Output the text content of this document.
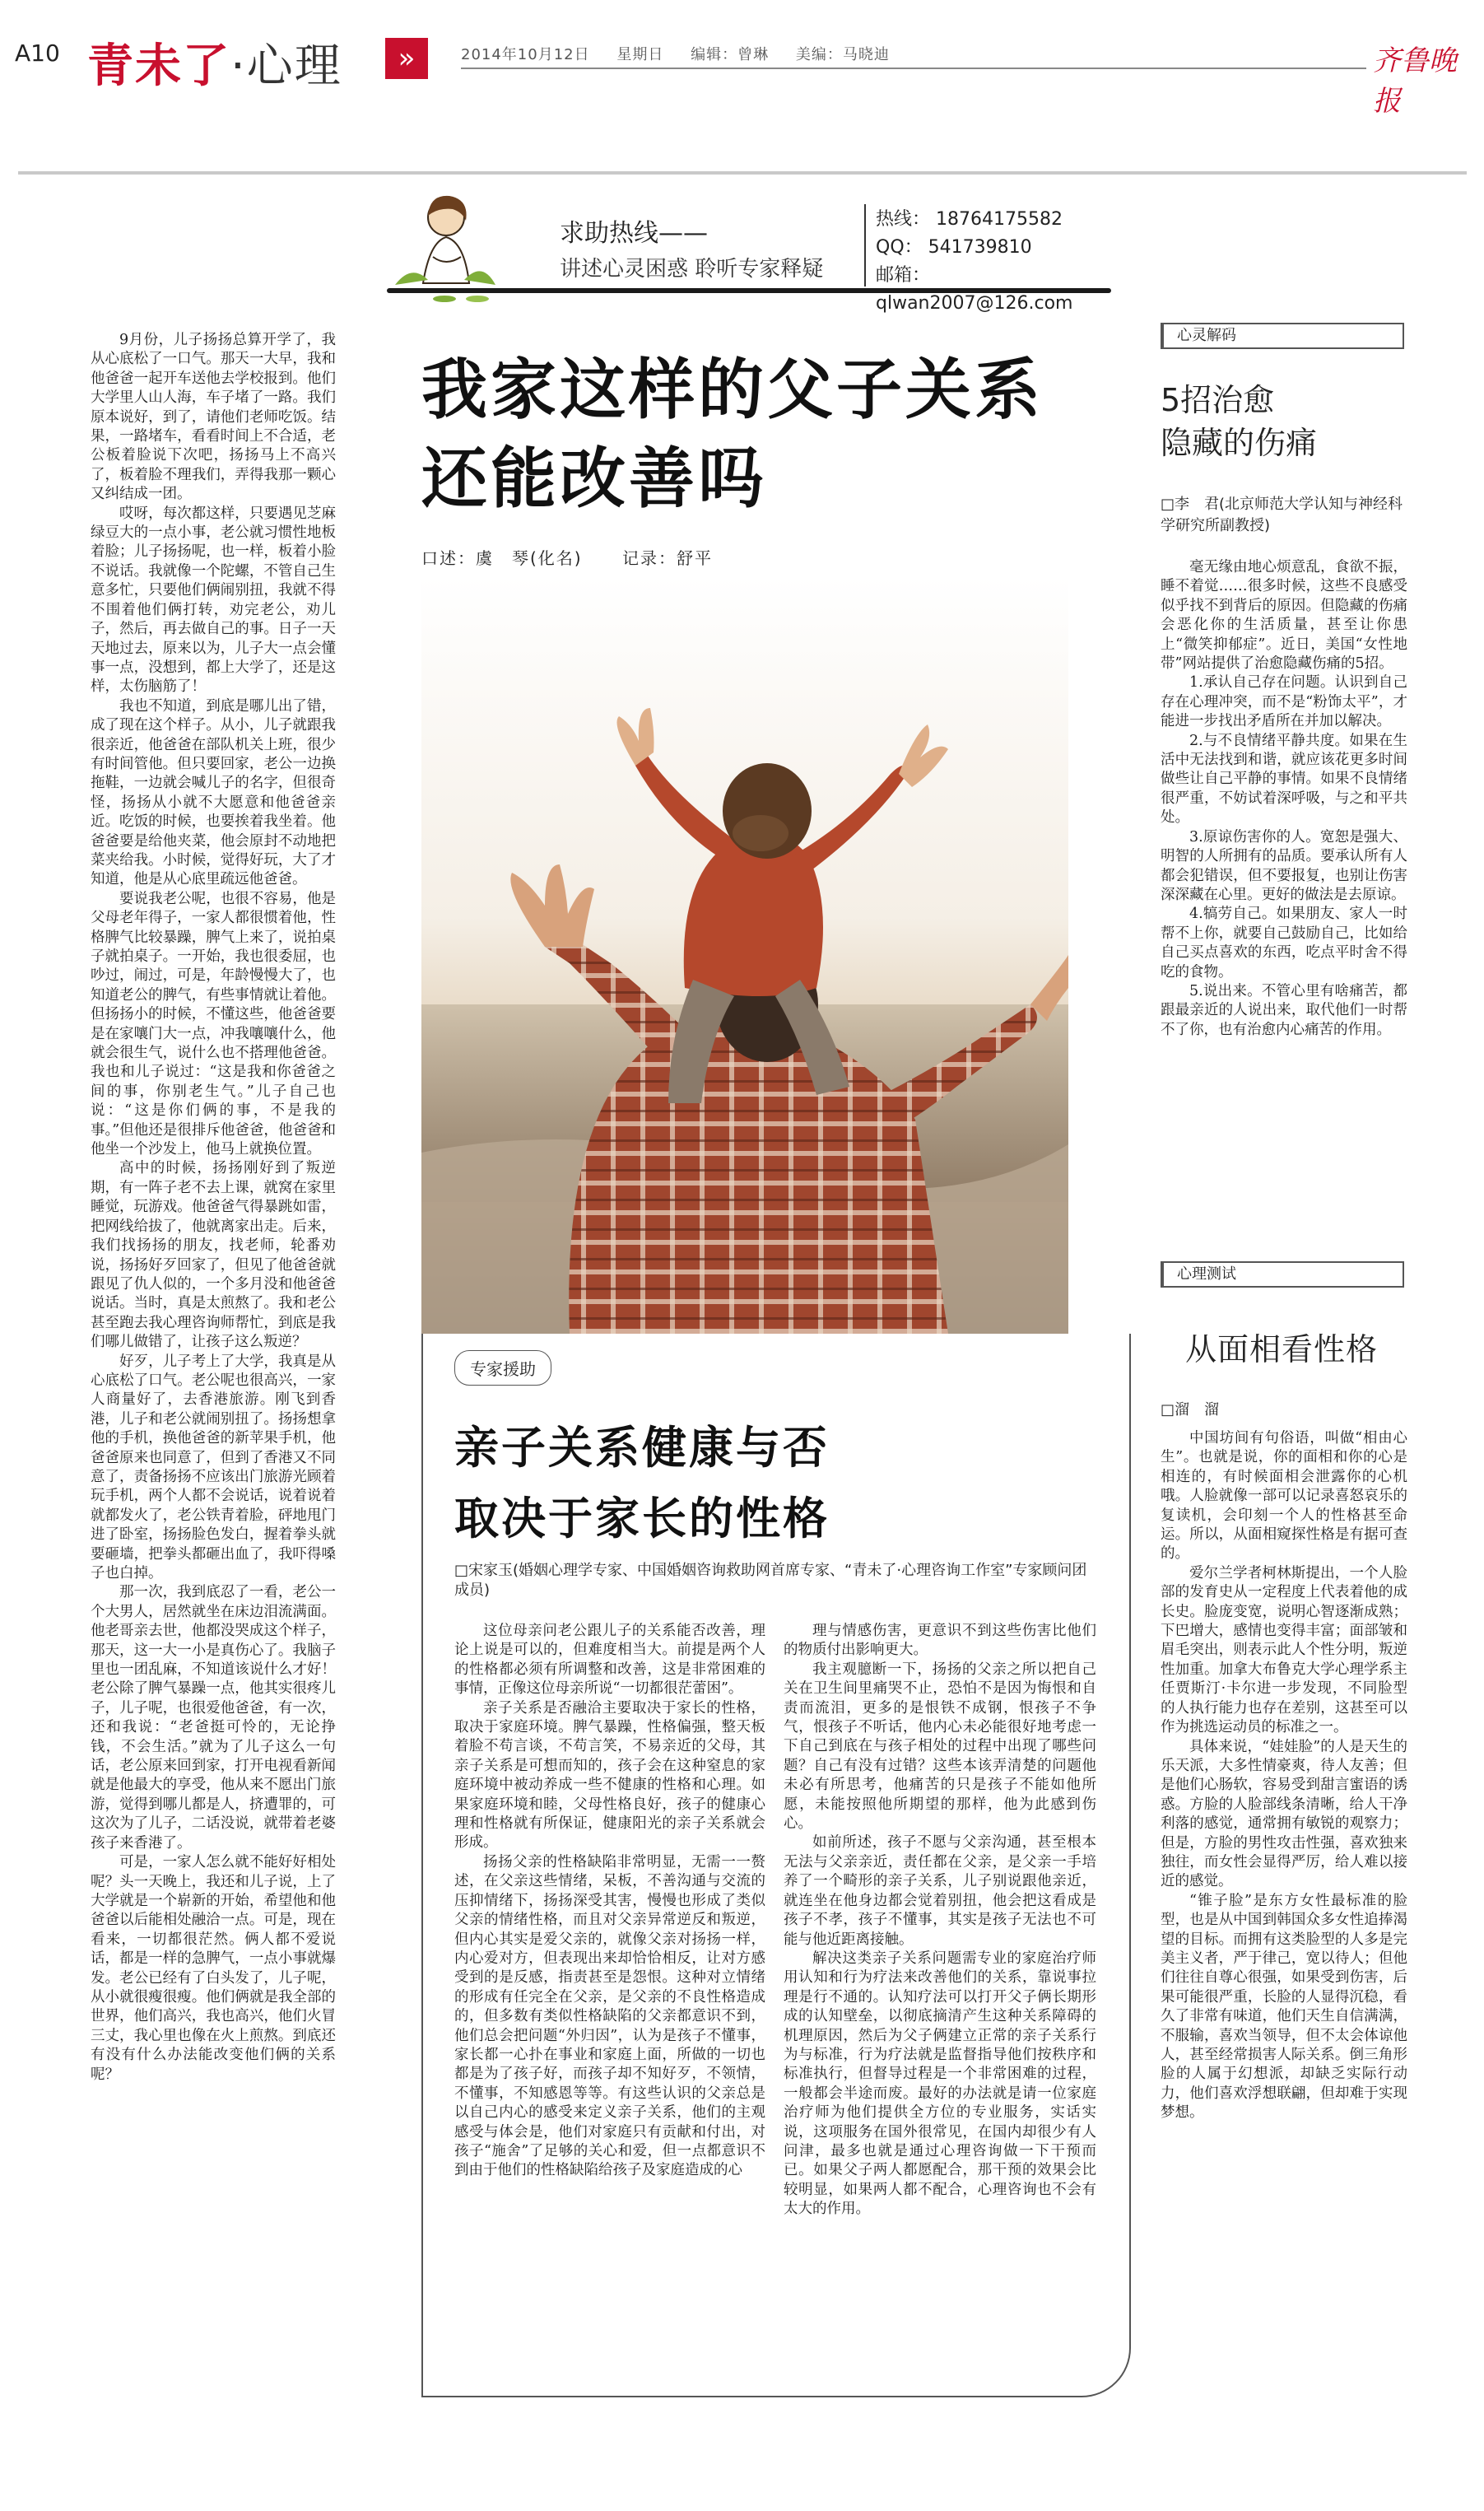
A10 青未了·心理	»	2014年10月12日 星期日 编辑：曾琳 美编：马晓迪	齐鲁晚报
求助热线——
讲述心灵困惑 聆听专家释疑
热线： 18764175582
QQ： 541739810
邮箱： qlwan2007@126.com

9月份，儿子扬扬总算开学了，我从心底松了一口气。那天一大早，我和他爸爸一起开车送他去学校报到。他们大学里人山人海，车子堵了一路。我们原本说好，到了，请他们老师吃饭。结果，一路堵车，看看时间上不合适，老公板着脸说下次吧，扬扬马上不高兴了，板着脸不理我们，弄得我那一颗心又纠结成一团。

哎呀，每次都这样，只要遇见芝麻绿豆大的一点小事，老公就习惯性地板着脸；儿子扬扬呢，也一样，板着小脸不说话。我就像一个陀螺，不管自己生意多忙，只要他们俩闹别扭，我就不得不围着他们俩打转，劝完老公，劝儿子，然后，再去做自己的事。日子一天天地过去，原来以为，儿子大一点会懂事一点，没想到，都上大学了，还是这样，太伤脑筋了！

我也不知道，到底是哪儿出了错，成了现在这个样子。从小，儿子就跟我很亲近，他爸爸在部队机关上班，很少有时间管他。但只要回家，老公一边换拖鞋，一边就会喊儿子的名字，但很奇怪，扬扬从小就不大愿意和他爸爸亲近。吃饭的时候，也要挨着我坐着。他爸爸要是给他夹菜，他会原封不动地把菜夹给我。小时候，觉得好玩，大了才知道，他是从心底里疏远他爸爸。

要说我老公呢，也很不容易，他是父母老年得子，一家人都很惯着他，性格脾气比较暴躁，脾气上来了，说拍桌子就拍桌子。一开始，我也很委屈，也吵过，闹过，可是，年龄慢慢大了，也知道老公的脾气，有些事情就让着他。但扬扬小的时候，不懂这些，他爸爸要是在家嚷门大一点，冲我嚷嚷什么，他就会很生气，说什么也不搭理他爸爸。我也和儿子说过：“这是我和你爸爸之间的事，你别老生气。”儿子自己也说：“这是你们俩的事，不是我的事。”但他还是很排斥他爸爸，他爸爸和他坐一个沙发上，他马上就换位置。

高中的时候，扬扬刚好到了叛逆期，有一阵子老不去上课，就窝在家里睡觉，玩游戏。他爸爸气得暴跳如雷，把网线给拔了，他就离家出走。后来，我们找扬扬的朋友，找老师，轮番劝说，扬扬好歹回家了，但见了他爸爸就跟见了仇人似的，一个多月没和他爸爸说话。当时，真是太煎熬了。我和老公甚至跑去我心理咨询师帮忙，到底是我们哪儿做错了，让孩子这么叛逆？

好歹，儿子考上了大学，我真是从心底松了口气。老公呢也很高兴，一家人商量好了，去香港旅游。刚飞到香港，儿子和老公就闹别扭了。扬扬想拿他的手机，换他爸爸的新苹果手机，他爸爸原来也同意了，但到了香港又不同意了，责备扬扬不应该出门旅游光顾着玩手机，两个人都不会说话，说着说着就都发火了，老公铁青着脸，砰地甩门进了卧室，扬扬脸色发白，握着拳头就要砸墙，把拳头都砸出血了，我吓得嗓子也白掉。

那一次，我到底忍了一看，老公一个大男人，居然就坐在床边泪流满面。他老哥亲去世，他都没哭成这个样子，那天，这一大一小是真伤心了。我脑子里也一团乱麻，不知道该说什么才好！老公除了脾气暴躁一点，他其实很疼儿子，儿子呢，也很爱他爸爸，有一次，还和我说：“老爸挺可怜的，无论挣钱，不会生活。”就为了儿子这么一句话，老公原来回到家，打开电视看新闻就是他最大的享受，他从来不愿出门旅游，觉得到哪儿都是人，挤遭罪的，可这次为了儿子，二话没说，就带着老婆孩子来香港了。

可是，一家人怎么就不能好好相处呢？头一天晚上，我还和儿子说，上了大学就是一个崭新的开始，希望他和他爸爸以后能相处融洽一点。可是，现在看来，一切都很茫然。俩人都不爱说话，都是一样的急脾气，一点小事就爆发。老公已经有了白头发了，儿子呢，从小就很瘦很瘦。他们俩就是我全部的世界，他们高兴，我也高兴，他们火冒三丈，我心里也像在火上煎熬。到底还有没有什么办法能改变他们俩的关系呢？

我家这样的父子关系
还能改善吗
口述：虞　琴(化名) 记录：舒平
专家援助
亲子关系健康与否
取决于家长的性格
□宋家玉(婚姻心理学专家、中国婚姻咨询救助网首席专家、“青未了·心理咨询工作室”专家顾问团成员)

这位母亲问老公跟儿子的关系能否改善，理论上说是可以的，但难度相当大。前提是两个人的性格都必须有所调整和改善，这是非常困难的事情，正像这位母亲所说“一切都很茫蕾困”。

亲子关系是否融洽主要取决于家长的性格，取决于家庭环境。脾气暴躁，性格偏强，整天板着脸不苟言谈，不苟言笑，不易亲近的父母，其亲子关系是可想而知的，孩子会在这种窒息的家庭环境中被动养成一些不健康的性格和心理。如果家庭环境和睦，父母性格良好，孩子的健康心理和性格就有所保证，健康阳光的亲子关系就会形成。

扬扬父亲的性格缺陷非常明显，无需一一赘述，在父亲这些情绪，呆板，不善沟通与交流的压抑情绪下，扬扬深受其害，慢慢也形成了类似父亲的情绪性格，而且对父亲异常逆反和叛逆，但内心其实是爱父亲的，就像父亲对扬扬一样，内心爱对方，但表现出来却恰恰相反，让对方感受到的是反感，指责甚至是怨恨。这种对立情绪的形成有任完全在父亲，是父亲的不良性格造成的，但多数有类似性格缺陷的父亲都意识不到，他们总会把问题“外归因”，认为是孩子不懂事，家长都一心扑在事业和家庭上面，所做的一切也都是为了孩子好，而孩子却不知好歹，不领情，不懂事，不知感恩等等。有这些认识的父亲总是以自己内心的感受来定义亲子关系，他们的主观感受与体会是，他们对家庭只有贡献和付出，对孩子“施舍”了足够的关心和爱，但一点都意识不到由于他们的性格缺陷给孩子及家庭造成的心

理与情感伤害，更意识不到这些伤害比他们的物质付出影响更大。

我主观臆断一下，扬扬的父亲之所以把自己关在卫生间里痛哭不止，恐怕不是因为悔恨和自责而流泪，更多的是恨铁不成钢，恨孩子不争气，恨孩子不听话，他内心未必能很好地考虑一下自己到底在与孩子相处的过程中出现了哪些问题？自己有没有过错？这些本该弄清楚的问题他未必有所思考，他痛苦的只是孩子不能如他所愿，未能按照他所期望的那样，他为此感到伤心。

如前所述，孩子不愿与父亲沟通，甚至根本无法与父亲亲近，责任都在父亲，是父亲一手培养了一个畸形的亲子关系，儿子别说跟他亲近，就连坐在他身边都会觉着别扭，他会把这看成是孩子不孝，孩子不懂事，其实是孩子无法也不可能与他近距离接触。

解决这类亲子关系问题需专业的家庭治疗师用认知和行为疗法来改善他们的关系，靠说事拉理是行不通的。认知疗法可以打开父子俩长期形成的认知壁垒，以彻底摘清产生这种关系障碍的机理原因，然后为父子俩建立正常的亲子关系行为与标准，行为疗法就是监督指导他们按秩序和标准执行，但督导过程是一个非常困难的过程，一般都会半途而废。最好的办法就是请一位家庭治疗师为他们提供全方位的专业服务，实话实说，这项服务在国外很常见，在国内却很少有人问津，最多也就是通过心理咨询做一下干预而已。如果父子两人都愿配合，那干预的效果会比较明显，如果两人都不配合，心理咨询也不会有太大的作用。

心灵解码
5招治愈
隐藏的伤痛
□李　君(北京师范大学认知与神经科学研究所副教授)

毫无缘由地心烦意乱，食欲不振，睡不着觉……很多时候，这些不良感受似乎找不到背后的原因。但隐藏的伤痛会恶化你的生活质量，甚至让你患上“微笑抑郁症”。近日，美国“女性地带”网站提供了治愈隐藏伤痛的5招。

1.承认自己存在问题。认识到自己存在心理冲突，而不是“粉饰太平”，才能进一步找出矛盾所在并加以解决。

2.与不良情绪平静共度。如果在生活中无法找到和谐，就应该花更多时间做些让自己平静的事情。如果不良情绪很严重，不妨试着深呼吸，与之和平共处。

3.原谅伤害你的人。宽恕是强大、明智的人所拥有的品质。要承认所有人都会犯错误，但不要报复，也别让伤害深深藏在心里。更好的做法是去原谅。

4.犒劳自己。如果朋友、家人一时帮不上你，就要自己鼓励自己，比如给自己买点喜欢的东西，吃点平时舍不得吃的食物。

5.说出来。不管心里有啥痛苦，都跟最亲近的人说出来，取代他们一时帮不了你，也有治愈内心痛苦的作用。

心理测试
从面相看性格
□溜　溜

中国坊间有句俗语，叫做“相由心生”。也就是说，你的面相和你的心是相连的，有时候面相会泄露你的心机哦。人脸就像一部可以记录喜怒哀乐的复读机，会印刻一个人的性格甚至命运。所以，从面相窥探性格是有据可查的。

爱尔兰学者柯林斯提出，一个人脸部的发育史从一定程度上代表着他的成长史。脸庞变宽，说明心智逐渐成熟；下巴增大，感情也变得丰富；面部皱和眉毛突出，则表示此人个性分明，叛逆性加重。加拿大布鲁克大学心理学系主任贾斯汀·卡尔进一步发现，不同脸型的人执行能力也存在差别，这甚至可以作为挑选运动员的标准之一。

具体来说，“娃娃脸”的人是天生的乐天派，大多性情豪爽，待人友善；但是他们心肠软，容易受到甜言蜜语的诱惑。方脸的人脸部线条清晰，给人干净利落的感觉，通常拥有敏锐的观察力；但是，方脸的男性攻击性强，喜欢独来独往，而女性会显得严厉，给人难以接近的感觉。

“锥子脸”是东方女性最标准的脸型，也是从中国到韩国众多女性追捧渴望的目标。而拥有这类脸型的人多是完美主义者，严于律己，宽以待人；但他们往往自尊心很强，如果受到伤害，后果可能很严重，长脸的人显得沉稳，看久了非常有味道，他们天生自信满满，不服输，喜欢当领导，但不太会体谅他人，甚至经常损害人际关系。倒三角形脸的人属于幻想派，却缺乏实际行动力，他们喜欢浮想联翩，但却难于实现梦想。
